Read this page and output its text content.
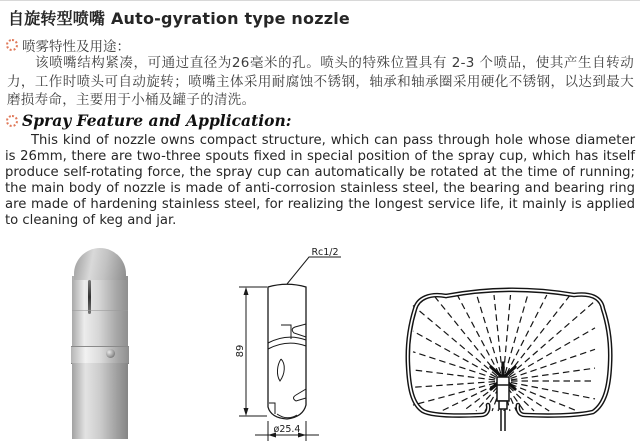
自旋转型喷嘴 Auto-gyration type nozzle
喷雾特性及用途：
该喷嘴结构紧凑，可通过直径为26毫米的孔。喷头的特殊位置具有 2-3 个喷品，使其产生自转动力，工作时喷头可自动旋转；喷嘴主体采用耐腐蚀不锈钢，轴承和轴承圈采用硬化不锈钢，以达到最大磨损寿命，主要用于小桶及罐子的清洗。
Spray Feature and Application:
This kind of nozzle owns compact structure, which can pass through hole whose diameter is 26mm, there are two-three spouts fixed in special position of the spray cup, which has itself produce self-rotating force, the spray cup can automatically be rotated at the time of running; the main body of nozzle is made of anti-corrosion stainless steel, the bearing and bearing ring are made of hardening stainless steel, for realizing the longest service life, it mainly is applied to cleaning of keg and jar.
Rc1/2
89
ø25.4
